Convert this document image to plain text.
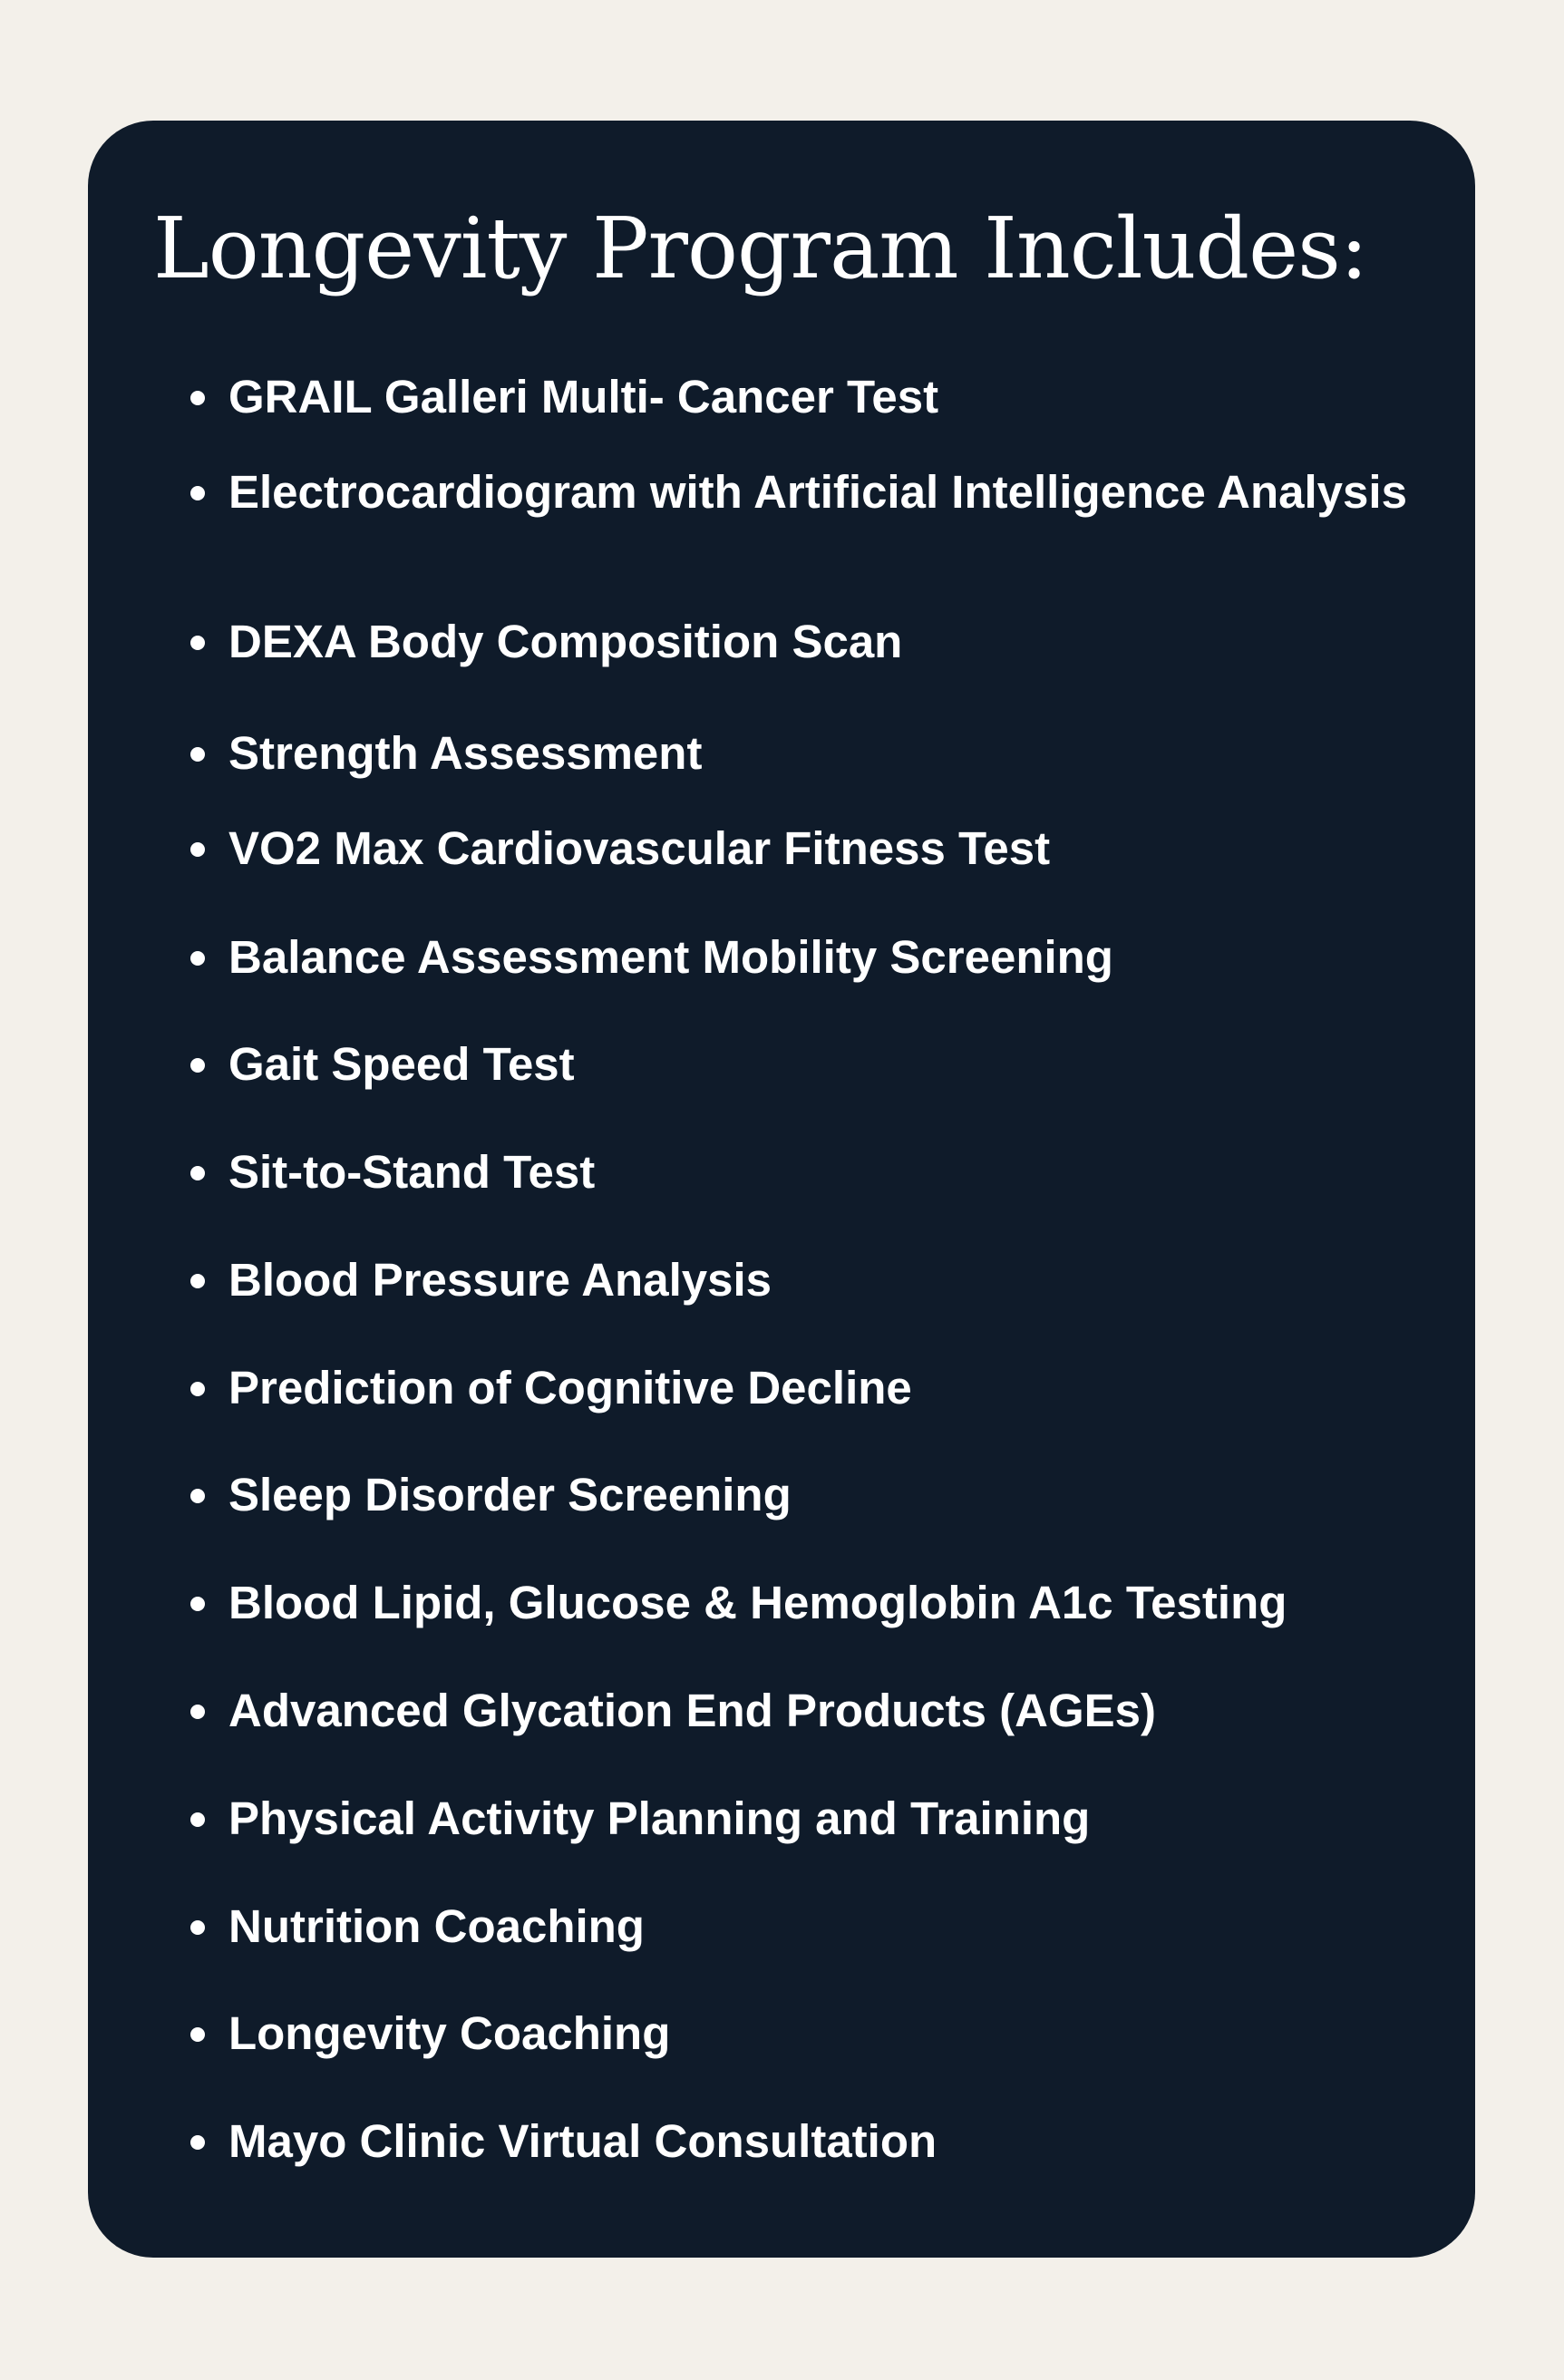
Longevity Program Includes:
GRAIL Galleri Multi- Cancer Test
Electrocardiogram with Artificial Intelligence Analysis
DEXA Body Composition Scan
Strength Assessment
VO2 Max Cardiovascular Fitness Test
Balance Assessment Mobility Screening
Gait Speed Test
Sit-to-Stand Test
Blood Pressure Analysis
Prediction of Cognitive Decline
Sleep Disorder Screening
Blood Lipid, Glucose & Hemoglobin A1c Testing
Advanced Glycation End Products (AGEs)
Physical Activity Planning and Training
Nutrition Coaching
Longevity Coaching
Mayo Clinic Virtual Consultation
